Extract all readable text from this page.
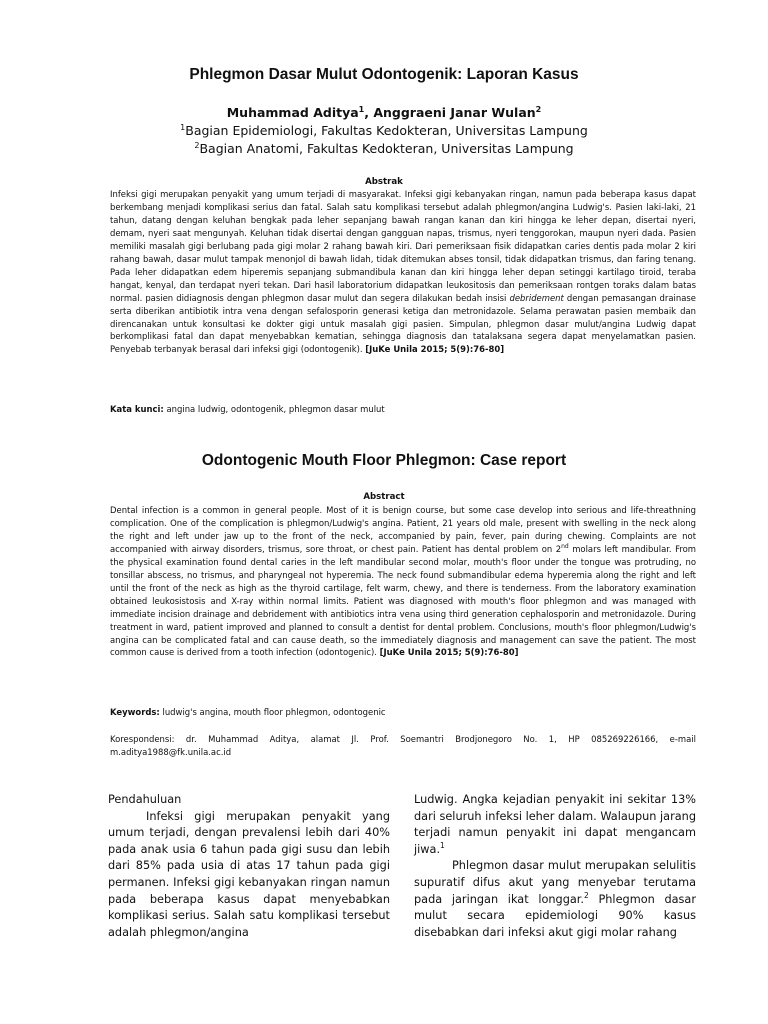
Phlegmon Dasar Mulut Odontogenik: Laporan Kasus
Muhammad Aditya$^1$, Anggraeni Janar Wulan$^2$
$^1$Bagian Epidemiologi, Fakultas Kedokteran, Universitas Lampung
$^2$Bagian Anatomi, Fakultas Kedokteran, Universitas Lampung
Abstrak
Infeksi gigi merupakan penyakit yang umum terjadi di masyarakat. Infeksi gigi kebanyakan ringan, namun pada beberapa kasus dapat berkembang menjadi komplikasi serius dan fatal. Salah satu komplikasi tersebut adalah phlegmon/angina Ludwig's. Pasien laki-laki, 21 tahun, datang dengan keluhan bengkak pada leher sepanjang bawah rangan kanan dan kiri hingga ke leher depan, disertai nyeri, demam, nyeri saat mengunyah. Keluhan tidak disertai dengan gangguan napas, trismus, nyeri tenggorokan, maupun nyeri dada. Pasien memiliki masalah gigi berlubang pada gigi molar 2 rahang bawah kiri. Dari pemeriksaan fisik didapatkan caries dentis pada molar 2 kiri rahang bawah, dasar mulut tampak menonjol di bawah lidah, tidak ditemukan abses tonsil, tidak didapatkan trismus, dan faring tenang. Pada leher didapatkan edem hiperemis sepanjang submandibula kanan dan kiri hingga leher depan setinggi kartilago tiroid, teraba hangat, kenyal, dan terdapat nyeri tekan. Dari hasil laboratorium didapatkan leukositosis dan pemeriksaan rontgen toraks dalam batas normal. pasien didiagnosis dengan phlegmon dasar mulut dan segera dilakukan bedah insisi debridement dengan pemasangan drainase serta diberikan antibiotik intra vena dengan sefalosporin generasi ketiga dan metronidazole. Selama perawatan pasien membaik dan direncanakan untuk konsultasi ke dokter gigi untuk masalah gigi pasien. Simpulan, phlegmon dasar mulut/angina Ludwig dapat berkomplikasi fatal dan dapat menyebabkan kematian, sehingga diagnosis dan tatalaksana segera dapat menyelamatkan pasien. Penyebab terbanyak berasal dari infeksi gigi (odontogenik). [JuKe Unila 2015; 5(9):76-80]
Kata kunci: angina ludwig, odontogenik, phlegmon dasar mulut
Odontogenic Mouth Floor Phlegmon: Case report
Abstract
Dental infection is a common in general people. Most of it is benign course, but some case develop into serious and life-threathning complication. One of the complication is phlegmon/Ludwig's angina. Patient, 21 years old male, present with swelling in the neck along the right and left under jaw up to the front of the neck, accompanied by pain, fever, pain during chewing. Complaints are not accompanied with airway disorders, trismus, sore throat, or chest pain. Patient has dental problem on 2nd molars left mandibular. From the physical examination found dental caries in the left mandibular second molar, mouth's floor under the tongue was protruding, no tonsillar abscess, no trismus, and pharyngeal not hyperemia. The neck found submandibular edema hyperemia along the right and left until the front of the neck as high as the thyroid cartilage, felt warm, chewy, and there is tenderness. From the laboratory examination obtained leukosistosis and X-ray within normal limits. Patient was diagnosed with mouth's floor phlegmon and was managed with immediate incision drainage and debridement with antibiotics intra vena using third generation cephalosporin and metronidazole. During treatment in ward, patient improved and planned to consult a dentist for dental problem. Conclusions, mouth's floor phlegmon/Ludwig's angina can be complicated fatal and can cause death, so the immediately diagnosis and management can save the patient. The most common cause is derived from a tooth infection (odontogenic). [JuKe Unila 2015; 5(9):76-80]
Keywords: ludwig's angina, mouth floor phlegmon, odontogenic
Korespondensi: dr. Muhammad Aditya, alamat Jl. Prof. Soemantri Brodjonegoro No. 1, HP 085269226166, e-mail m.aditya1988@fk.unila.ac.id

Pendahuluan

Infeksi gigi merupakan penyakit yang umum terjadi, dengan prevalensi lebih dari 40% pada anak usia 6 tahun pada gigi susu dan lebih dari 85% pada usia di atas 17 tahun pada gigi permanen. Infeksi gigi kebanyakan ringan namun pada beberapa kasus dapat menyebabkan komplikasi serius. Salah satu komplikasi tersebut adalah phlegmon/angina

Ludwig. Angka kejadian penyakit ini sekitar 13% dari seluruh infeksi leher dalam. Walaupun jarang terjadi namun penyakit ini dapat mengancam jiwa.$^1$

Phlegmon dasar mulut merupakan selulitis supuratif difus akut yang menyebar terutama pada jaringan ikat longgar.$^2$ Phlegmon dasar mulut secara epidemiologi 90% kasus disebabkan dari infeksi akut gigi molar rahang
